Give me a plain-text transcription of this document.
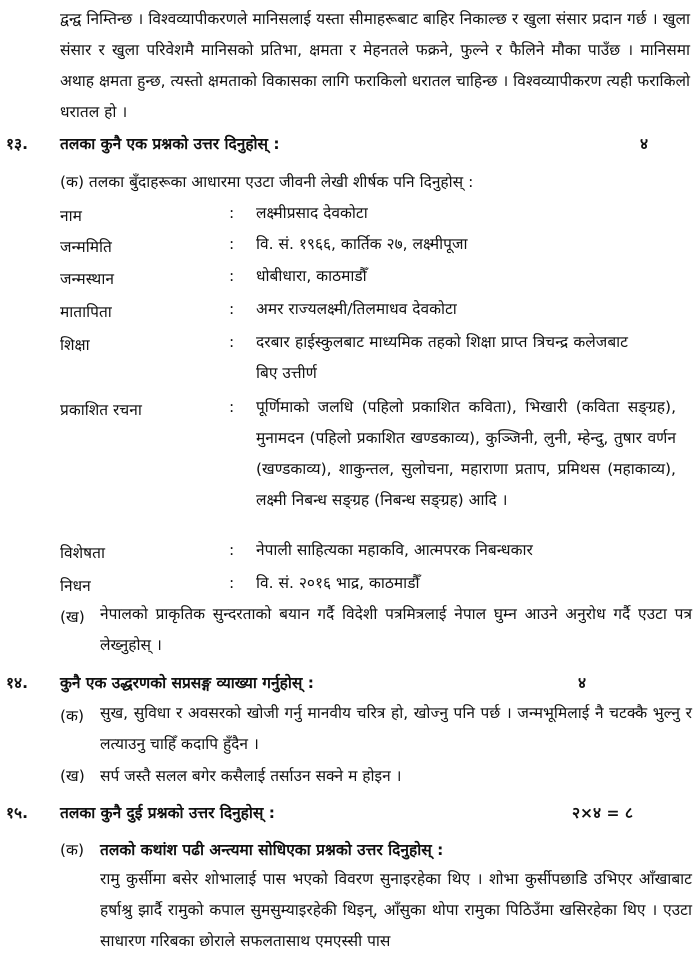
द्वन्द्व निम्तिन्छ । विश्वव्यापीकरणले मानिसलाई यस्ता सीमाहरूबाट बाहिर निकाल्छ र खुला संसार प्रदान गर्छ । खुला संसार र खुला परिवेशमै मानिसको प्रतिभा, क्षमता र मेहनतले फक्रने, फुल्ने र फैलिने मौका पाउँछ । मानिसमा अथाह क्षमता हुन्छ, त्यस्तो क्षमताको विकासका लागि फराकिलो धरातल चाहिन्छ । विश्वव्यापीकरण त्यही फराकिलो धरातल हो ।
१३. तलका कुनै एक प्रश्नको उत्तर दिनुहोस् :	४
(क) तलका बुँदाहरूका आधारमा एउटा जीवनी लेखी शीर्षक पनि दिनुहोस् :
नाम	: लक्ष्मीप्रसाद देवकोटा
जन्ममिति	: वि. सं. १९६६, कार्तिक २७, लक्ष्मीपूजा
जन्मस्थान	: धोबीधारा, काठमाडौँ
मातापिता	: अमर राज्यलक्ष्मी/तिलमाधव देवकोटा
शिक्षा	: दरबार हाईस्कुलबाट माध्यमिक तहको शिक्षा प्राप्त त्रिचन्द्र कलेजबाट बिए उत्तीर्ण
प्रकाशित रचना	: पूर्णिमाको जलधि (पहिलो प्रकाशित कविता), भिखारी (कविता सङ्ग्रह), मुनामदन (पहिलो प्रकाशित खण्डकाव्य), कुञ्जिनी, लुनी, म्हेन्दु, तुषार वर्णन (खण्डकाव्य), शाकुन्तल, सुलोचना, महाराणा प्रताप, प्रमिथस (महाकाव्य), लक्ष्मी निबन्ध सङ्ग्रह (निबन्ध सङ्ग्रह) आदि ।
विशेषता	: नेपाली साहित्यका महाकवि, आत्मपरक निबन्धकार
निधन	: वि. सं. २०१६ भाद्र, काठमाडौँ
(ख) नेपालको प्राकृतिक सुन्दरताको बयान गर्दै विदेशी पत्रमित्रलाई नेपाल घुम्न आउने अनुरोध गर्दै एउटा पत्र लेख्नुहोस् ।
१४. कुनै एक उद्धरणको सप्रसङ्ग व्याख्या गर्नुहोस् :	४
(क) सुख, सुविधा र अवसरको खोजी गर्नु मानवीय चरित्र हो, खोज्नु पनि पर्छ । जन्मभूमिलाई नै चटक्कै भुल्नु र लत्याउनु चाहिँ कदापि हुँदैन ।
(ख) सर्प जस्तै सलल बगेर कसैलाई तर्साउन सक्ने म होइन ।
१५. तलका कुनै दुई प्रश्नको उत्तर दिनुहोस् :	२×४ = ८
(क) तलको कथांश पढी अन्त्यमा सोधिएका प्रश्नको उत्तर दिनुहोस् :
रामु कुर्सीमा बसेर शोभालाई पास भएको विवरण सुनाइरहेका थिए । शोभा कुर्सीपछाडि उभिएर आँखाबाट हर्षाश्रु झार्दै रामुको कपाल सुमसुम्याइरहेकी थिइन्, आँसुका थोपा रामुका पिठिउँमा खसिरहेका थिए । एउटा साधारण गरिबका छोराले सफलतासाथ एमएस्सी पास
